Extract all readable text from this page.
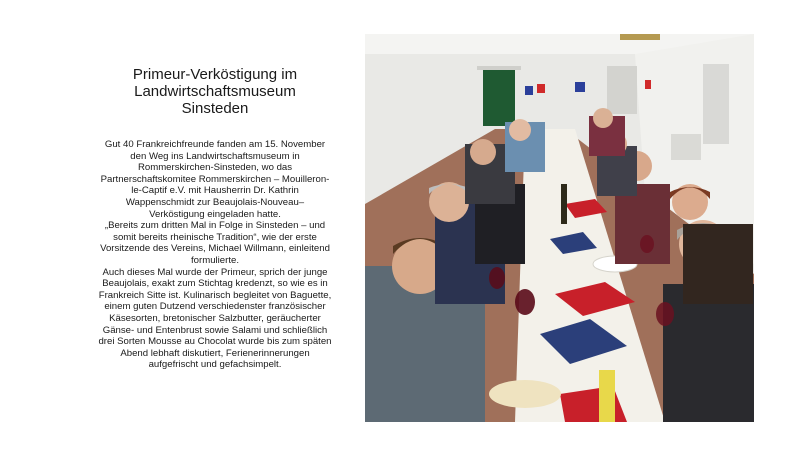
Primeur-Verköstigung im
Landwirtschaftsmuseum
Sinsteden

Gut 40 Frankreichfreunde fanden am 15. November
den Weg ins Landwirtschaftsmuseum in
Rommerskirchen-Sinsteden, wo das
Partnerschaftskomitee Rommerskirchen – Mouilleron-
le-Captif e.V. mit Hausherrin Dr. Kathrin
Wappenschmidt zur Beaujolais-Nouveau–
Verköstigung eingeladen hatte.
„Bereits zum dritten Mal in Folge in Sinsteden – und
somit bereits rheinische Tradition“, wie der erste
Vorsitzende des Vereins, Michael Willmann, einleitend
formulierte.
Auch dieses Mal wurde der Primeur, sprich der junge
Beaujolais, exakt zum Stichtag kredenzt, so wie es in
Frankreich Sitte ist. Kulinarisch begleitet von Baguette,
einem guten Dutzend verschiedenster französischer
Käsesorten, bretonischer Salzbutter, geräucherter
Gänse- und Entenbrust sowie Salami und schließlich
drei Sorten Mousse au Chocolat wurde bis zum späten
Abend lebhaft diskutiert, Ferienerinnerungen
aufgefrischt und gefachsimpelt.
